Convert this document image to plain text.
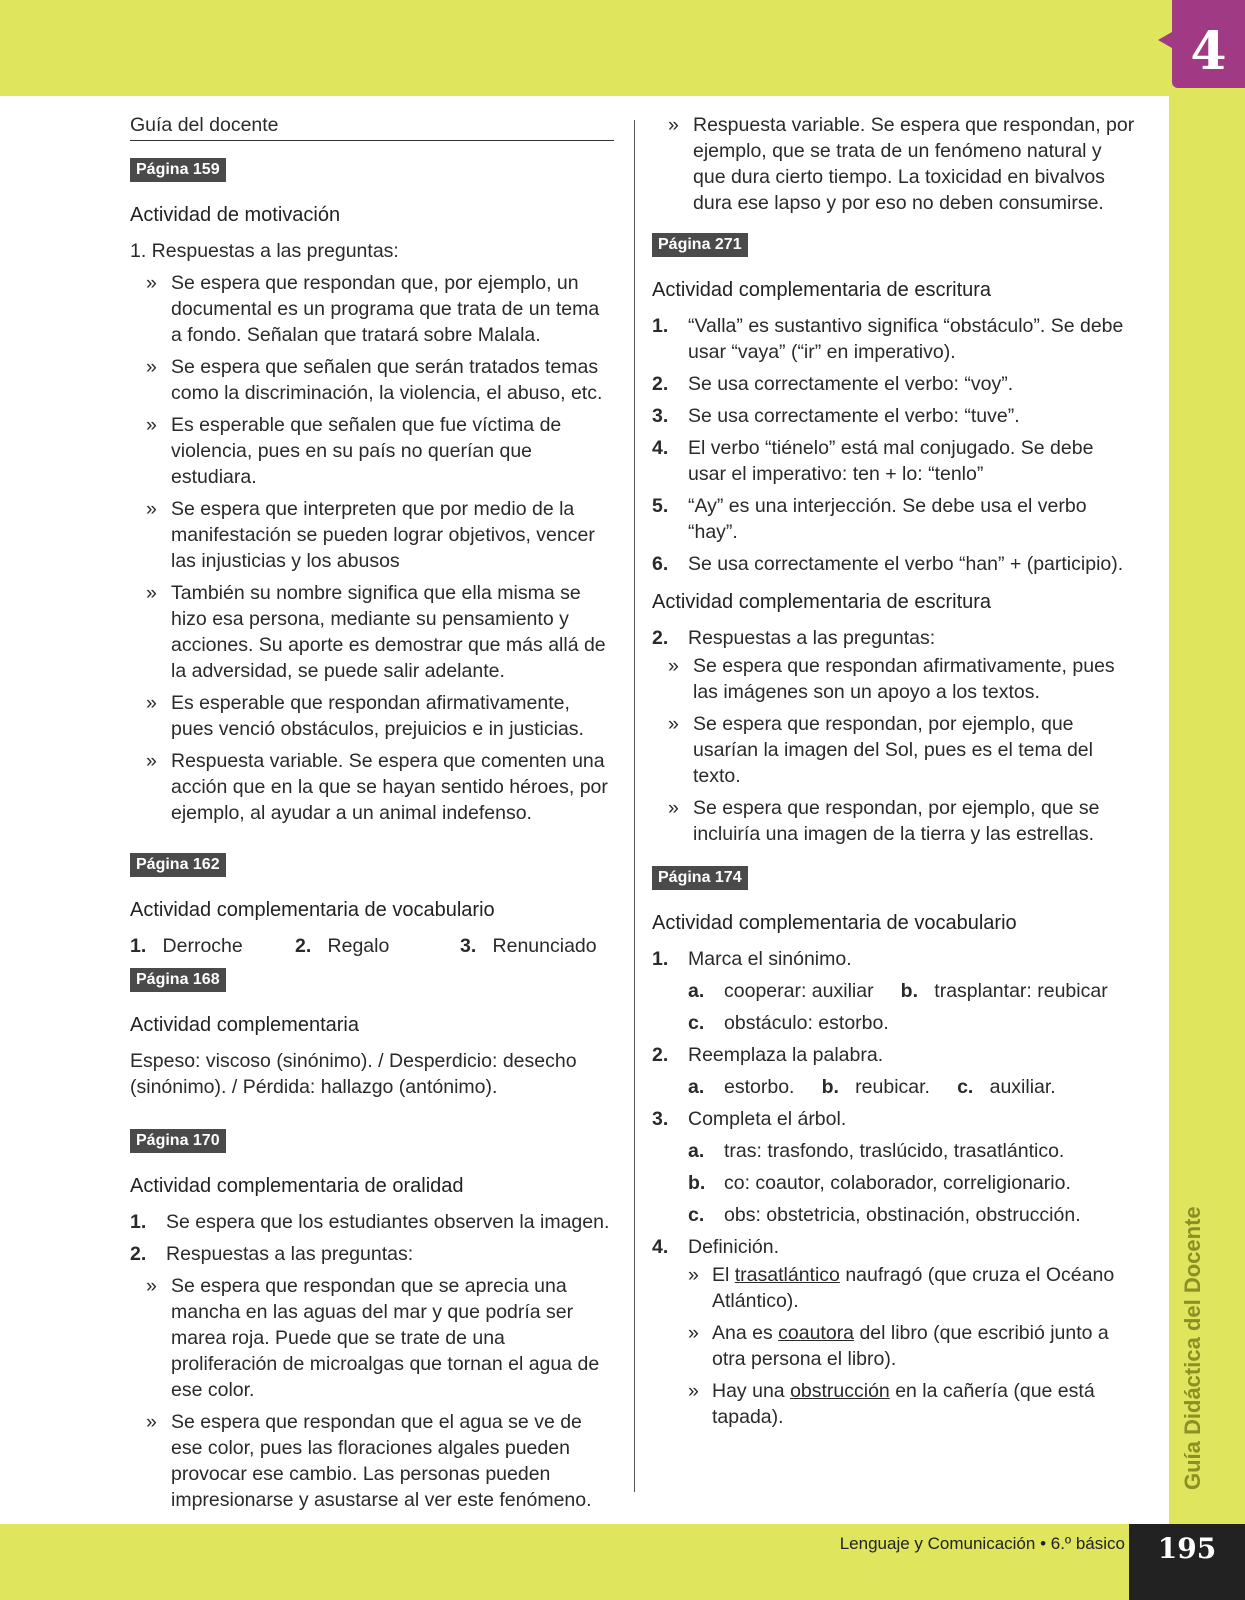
4
Guía Didáctica del Docente
Lenguaje y Comunicación • 6.º básico	195
Guía del docente
Página 159
Actividad de motivación

1. Respuestas a las preguntas:

» Se espera que respondan que, por ejemplo, un documental es un programa que trata de un tema a fondo. Señalan que tratará sobre Malala.
» Se espera que señalen que serán tratados temas como la discriminación, la violencia, el abuso, etc.
» Es esperable que señalen que fue víctima de violencia, pues en su país no querían que estudiara.
» Se espera que interpreten que por medio de la manifestación se pueden lograr objetivos, vencer las injusticias y los abusos
» También su nombre significa que ella misma se hizo esa persona, mediante su pensamiento y acciones. Su aporte es demostrar que más allá de la adversidad, se puede salir adelante.
» Es esperable que respondan afirmativamente, pues venció obstáculos, prejuicios e in justicias.
» Respuesta variable. Se espera que comenten una acción que en la que se hayan sentido héroes, por ejemplo, al ayudar a un animal indefenso.
Página 162
Actividad complementaria de vocabulario
1. Derroche	2. Regalo	3. Renunciado
Página 168
Actividad complementaria

Espeso: viscoso (sinónimo). / Desperdicio: desecho (sinónimo). / Pérdida: hallazgo (antónimo).

Página 170
Actividad complementaria de oralidad
1. Se espera que los estudiantes observen la imagen.
2. Respuestas a las preguntas:
» Se espera que respondan que se aprecia una mancha en las aguas del mar y que podría ser marea roja. Puede que se trate de una proliferación de microalgas que tornan el agua de ese color.
» Se espera que respondan que el agua se ve de ese color, pues las floraciones algales pueden provocar ese cambio. Las personas pueden impresionarse y asustarse al ver este fenómeno.
» Respuesta variable. Se espera que respondan, por ejemplo, que se trata de un fenómeno natural y que dura cierto tiempo. La toxicidad en bivalvos dura ese lapso y por eso no deben consumirse.
Página 271
Actividad complementaria de escritura
1. “Valla” es sustantivo significa “obstáculo”. Se debe usar “vaya” (“ir” en imperativo).
2. Se usa correctamente el verbo: “voy”.
3. Se usa correctamente el verbo: “tuve”.
4. El verbo “tiénelo” está mal conjugado. Se debe usar el imperativo: ten + lo: “tenlo”
5. “Ay” es una interjección. Se debe usa el verbo “hay”.
6. Se usa correctamente el verbo “han” + (participio).
Actividad complementaria de escritura
2. Respuestas a las preguntas:
» Se espera que respondan afirmativamente, pues las imágenes son un apoyo a los textos.
» Se espera que respondan, por ejemplo, que usarían la imagen del Sol, pues es el tema del texto.
» Se espera que respondan, por ejemplo, que se incluiría una imagen de la tierra y las estrellas.
Página 174
Actividad complementaria de vocabulario
1. Marca el sinónimo.
a. cooperar: auxiliar b. trasplantar: reubicar
c. obstáculo: estorbo.
2. Reemplaza la palabra.
a. estorbo. b. reubicar. c. auxiliar.
3. Completa el árbol.
a. tras: trasfondo, traslúcido, trasatlántico.
b. co: coautor, colaborador, correligionario.
c. obs: obstetricia, obstinación, obstrucción.
4. Definición.
» El trasatlántico naufragó (que cruza el Océano Atlántico).
» Ana es coautora del libro (que escribió junto a otra persona el libro).
» Hay una obstrucción en la cañería (que está tapada).
